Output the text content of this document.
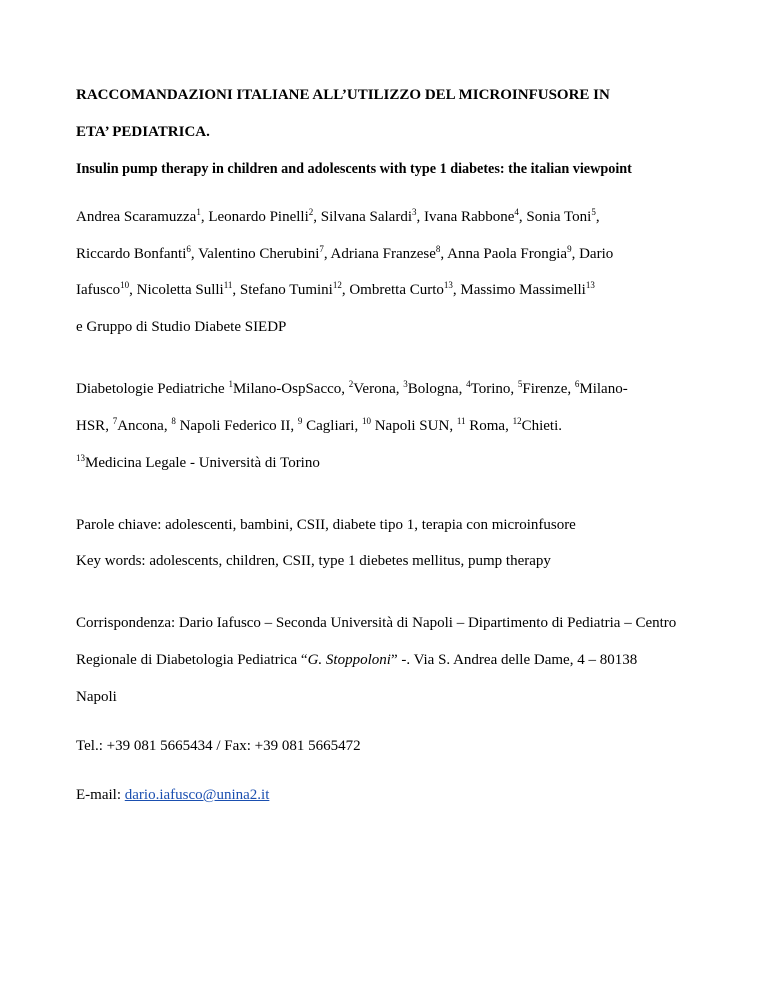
RACCOMANDAZIONI ITALIANE ALL’UTILIZZO DEL MICROINFUSORE IN
ETA’ PEDIATRICA.
Insulin pump therapy in children and adolescents with type 1 diabetes: the italian viewpoint
Andrea Scaramuzza$^1$, Leonardo Pinelli$^2$, Silvana Salardi$^3$, Ivana Rabbone$^4$, Sonia Toni$^5$,
Riccardo Bonfanti$^6$, Valentino Cherubini$^7$, Adriana Franzese$^8$, Anna Paola Frongia$^9$, Dario
Iafusco$^{10}$, Nicoletta Sulli$^{11}$, Stefano Tumini$^{12}$, Ombretta Curto$^{13}$, Massimo Massimelli$^{13}$
e Gruppo di Studio Diabete SIEDP
Diabetologie Pediatriche $^1$Milano-OspSacco, $^2$Verona, $^3$Bologna, $^4$Torino, $^5$Firenze, $^6$Milano-
HSR, $^7$Ancona, $^8$ Napoli Federico II, $^9$ Cagliari, $^{10}$ Napoli SUN, $^{11}$ Roma, $^{12}$Chieti.
$^{13}$Medicina Legale - Università di Torino
Parole chiave: adolescenti, bambini, CSII, diabete tipo 1, terapia con microinfusore
Key words: adolescents, children, CSII, type 1 diebetes mellitus, pump therapy
Corrispondenza: Dario Iafusco – Seconda Università di Napoli – Dipartimento di Pediatria – Centro
Regionale di Diabetologia Pediatrica “G. Stoppoloni” -. Via S. Andrea delle Dame, 4 – 80138
Napoli
Tel.: +39 081 5665434 / Fax: +39 081 5665472
E-mail: dario.iafusco@unina2.it
